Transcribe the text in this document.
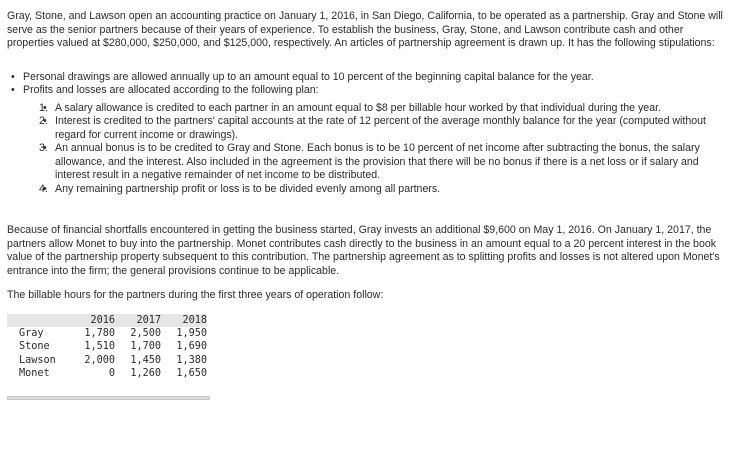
Gray, Stone, and Lawson open an accounting practice on January 1, 2016, in San Diego, California, to be operated as a partnership. Gray and Stone will serve as the senior partners because of their years of experience. To establish the business, Gray, Stone, and Lawson contribute cash and other properties valued at $280,000, $250,000, and $125,000, respectively. An articles of partnership agreement is drawn up. It has the following stipulations:

• Personal drawings are allowed annually up to an amount equal to 10 percent of the beginning capital balance for the year.
• Profits and losses are allocated according to the following plan:
• 1. A salary allowance is credited to each partner in an amount equal to $8 per billable hour worked by that individual during the year.
• 2. Interest is credited to the partners' capital accounts at the rate of 12 percent of the average monthly balance for the year (computed without regard for current income or drawings).
• 3. An annual bonus is to be credited to Gray and Stone. Each bonus is to be 10 percent of net income after subtracting the bonus, the salary allowance, and the interest. Also included in the agreement is the provision that there will be no bonus if there is a net loss or if salary and interest result in a negative remainder of net income to be distributed.
• 4. Any remaining partnership profit or loss is to be divided evenly among all partners.

Because of financial shortfalls encountered in getting the business started, Gray invests an additional $9,600 on May 1, 2016. On January 1, 2017, the partners allow Monet to buy into the partnership. Monet contributes cash directly to the business in an amount equal to a 20 percent interest in the book value of the partnership property subsequent to this contribution. The partnership agreement as to splitting profits and losses is not altered upon Monet's entrance into the firm; the general provisions continue to be applicable.

The billable hours for the partners during the first three years of operation follow:

	2016	2017	2018
Gray	1,780	2,500	1,950
Stone	1,510	1,700	1,690
Lawson	2,000	1,450	1,380
Monet	0	1,260	1,650
